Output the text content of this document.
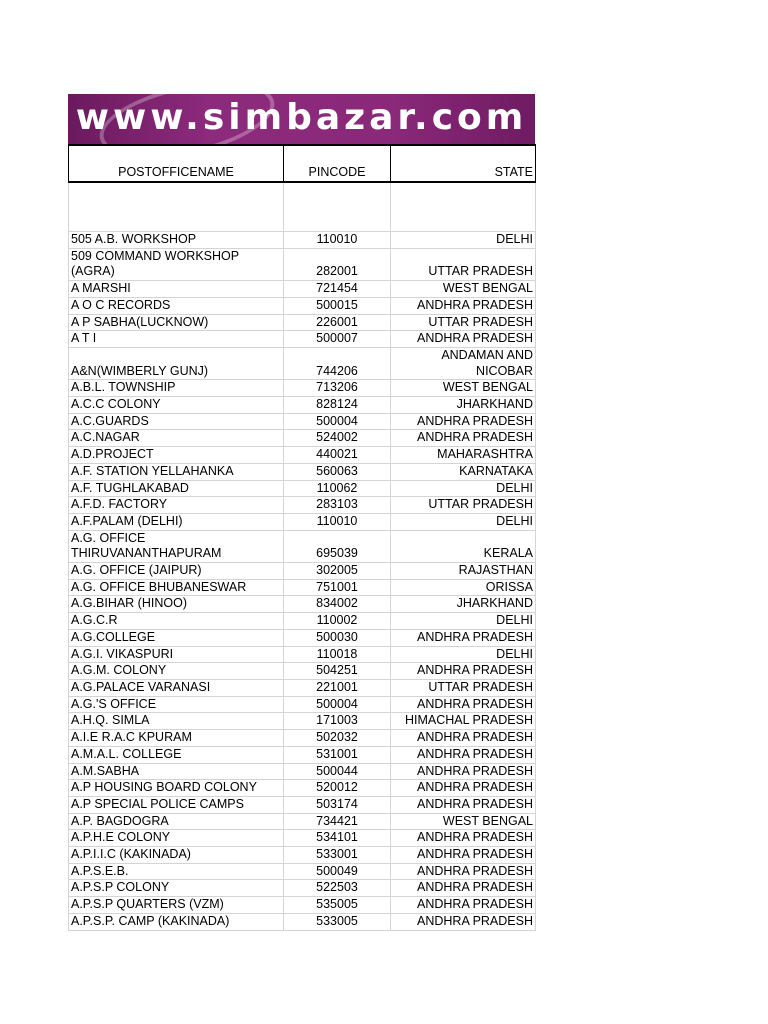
www.simbazar.com
POSTOFFICENAME	PINCODE	STATE

505 A.B. WORKSHOP	110010	DELHI
509 COMMAND WORKSHOP (AGRA)	282001	UTTAR PRADESH
A MARSHI	721454	WEST BENGAL
A O C RECORDS	500015	ANDHRA PRADESH
A P SABHA(LUCKNOW)	226001	UTTAR PRADESH
A T I	500007	ANDHRA PRADESH
A&N(WIMBERLY GUNJ)	744206	ANDAMAN AND NICOBAR
A.B.L. TOWNSHIP	713206	WEST BENGAL
A.C.C COLONY	828124	JHARKHAND
A.C.GUARDS	500004	ANDHRA PRADESH
A.C.NAGAR	524002	ANDHRA PRADESH
A.D.PROJECT	440021	MAHARASHTRA
A.F. STATION YELLAHANKA	560063	KARNATAKA
A.F. TUGHLAKABAD	110062	DELHI
A.F.D. FACTORY	283103	UTTAR PRADESH
A.F.PALAM (DELHI)	110010	DELHI
A.G. OFFICE THIRUVANANTHAPURAM	695039	KERALA
A.G. OFFICE (JAIPUR)	302005	RAJASTHAN
A.G. OFFICE BHUBANESWAR	751001	ORISSA
A.G.BIHAR (HINOO)	834002	JHARKHAND
A.G.C.R	110002	DELHI
A.G.COLLEGE	500030	ANDHRA PRADESH
A.G.I. VIKASPURI	110018	DELHI
A.G.M. COLONY	504251	ANDHRA PRADESH
A.G.PALACE VARANASI	221001	UTTAR PRADESH
A.G.'S OFFICE	500004	ANDHRA PRADESH
A.H.Q. SIMLA	171003	HIMACHAL PRADESH
A.I.E R.A.C KPURAM	502032	ANDHRA PRADESH
A.M.A.L. COLLEGE	531001	ANDHRA PRADESH
A.M.SABHA	500044	ANDHRA PRADESH
A.P HOUSING BOARD COLONY	520012	ANDHRA PRADESH
A.P SPECIAL POLICE CAMPS	503174	ANDHRA PRADESH
A.P. BAGDOGRA	734421	WEST BENGAL
A.P.H.E COLONY	534101	ANDHRA PRADESH
A.P.I.I.C (KAKINADA)	533001	ANDHRA PRADESH
A.P.S.E.B.	500049	ANDHRA PRADESH
A.P.S.P COLONY	522503	ANDHRA PRADESH
A.P.S.P QUARTERS (VZM)	535005	ANDHRA PRADESH
A.P.S.P. CAMP (KAKINADA)	533005	ANDHRA PRADESH
